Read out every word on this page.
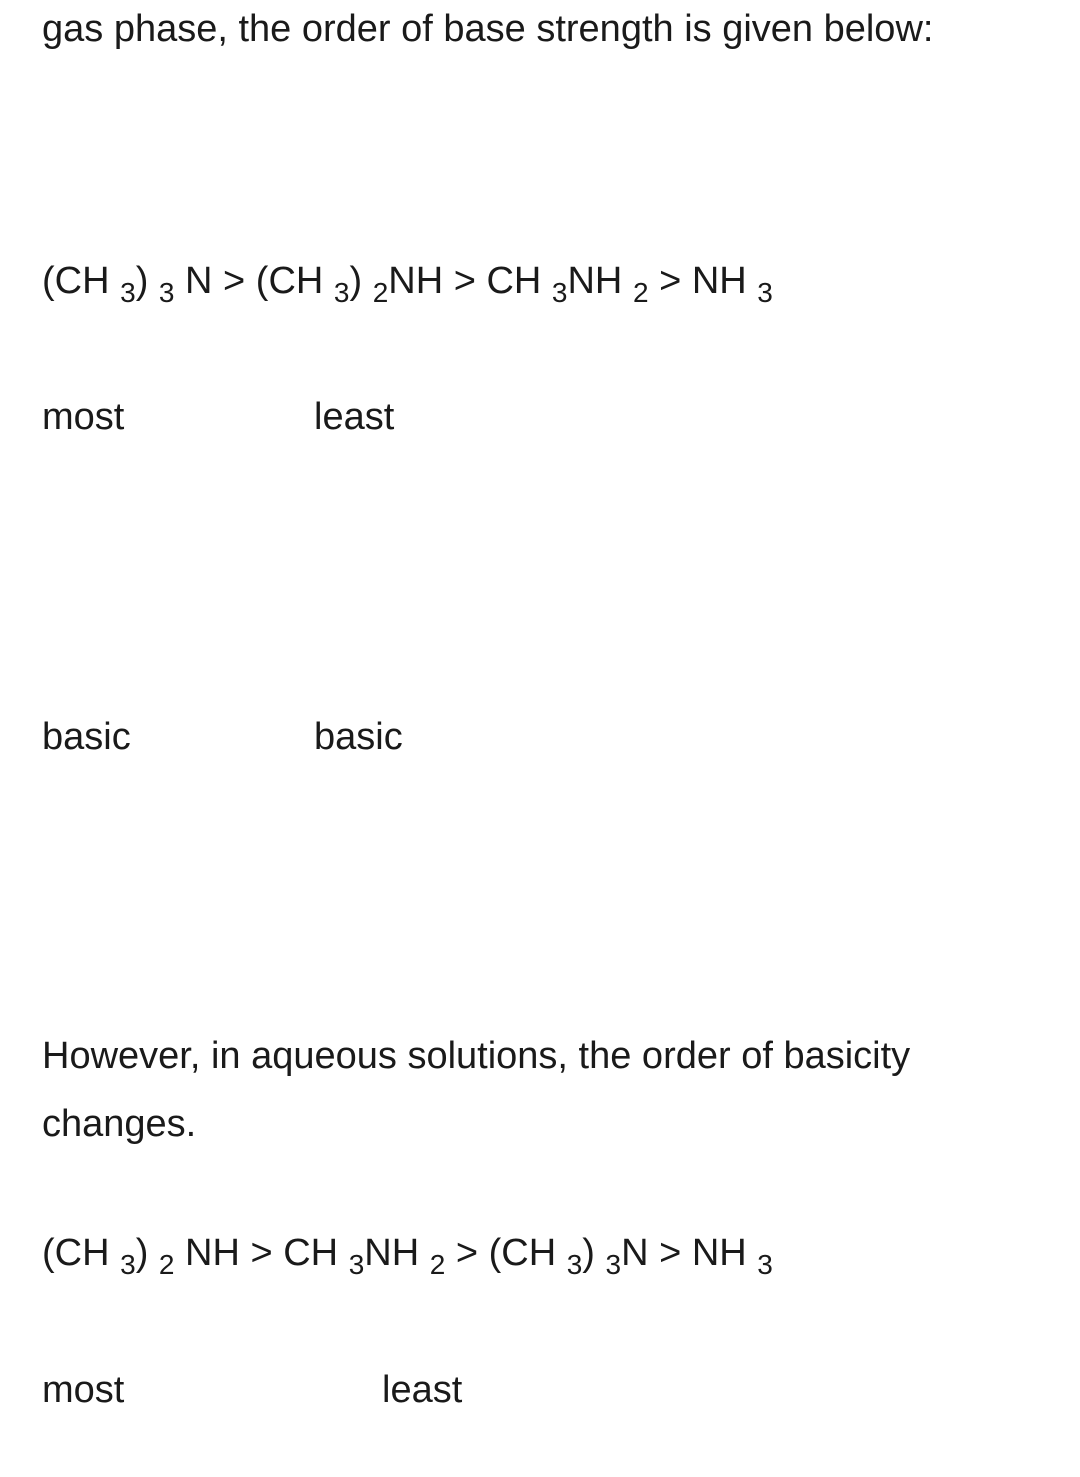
gas phase, the order of base strength is given below:
(CH $_3$) $_3$ N > (CH $_3$) $_2$NH > CH $_3$NH $_2$ > NH $_3$
most	least
basic	basic
However, in aqueous solutions, the order of basicity changes.
(CH $_3$) $_2$ NH > CH $_3$NH $_2$ > (CH $_3$) $_3$N > NH $_3$
most	least
